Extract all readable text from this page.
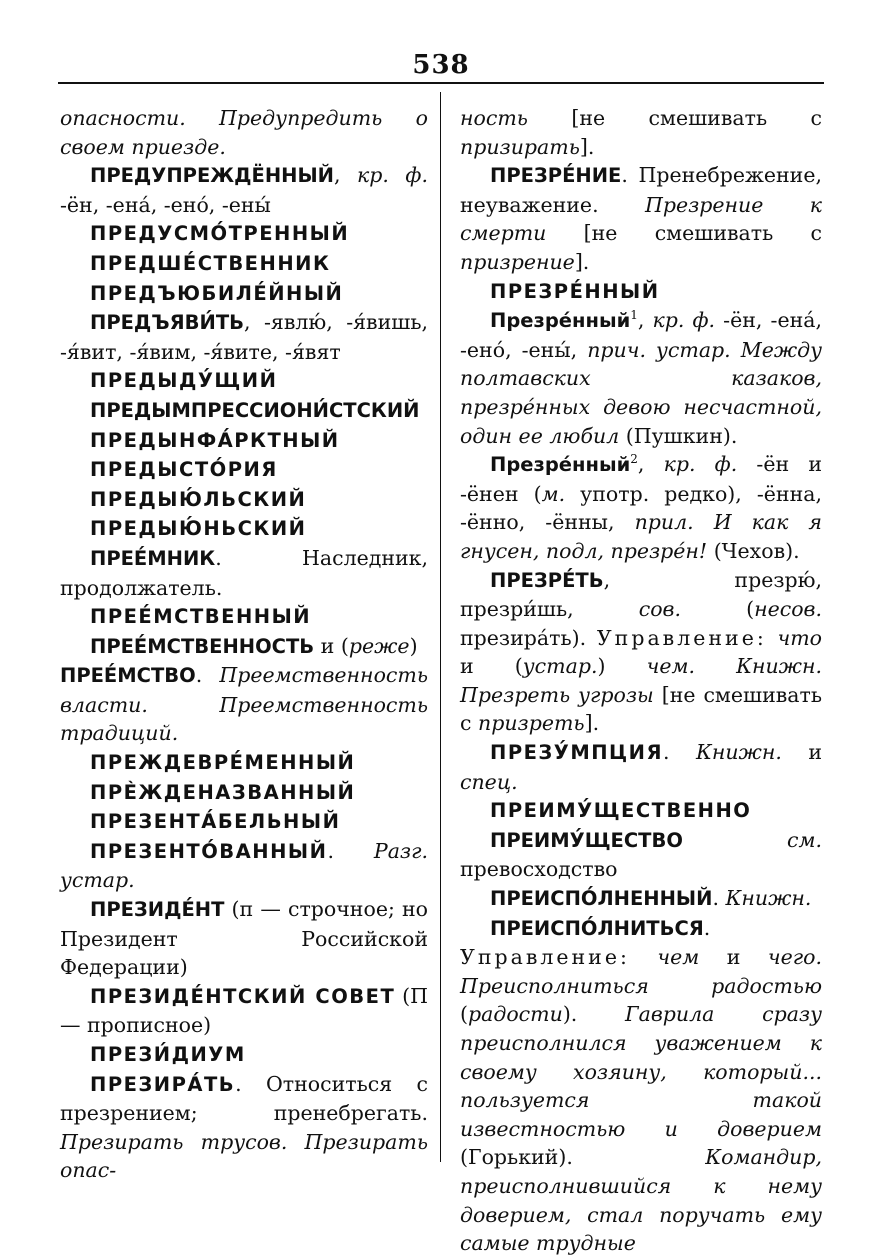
538

опасности. Предупредить о своем приезде.

ПРЕДУПРЕЖДЁННЫЙ, кр. ф. -ён, -ена́, -ено́, -ены́

ПРЕДУСМО́ТРЕННЫЙ

ПРЕДШЕ́СТВЕННИК

ПРЕДЪЮБИЛЕ́ЙНЫЙ

ПРЕДЪЯВИ́ТЬ, -явлю́, -я́вишь, -я́вит, -я́вим, -я́вите, -я́вят

ПРЕДЫДУ́ЩИЙ

ПРЕДЫМПРЕССИОНИ́СТСКИЙ

ПРЕДЫНФА́РКТНЫЙ

ПРЕДЫСТО́РИЯ

ПРЕДЫЮ́ЛЬСКИЙ

ПРЕДЫЮ́НЬСКИЙ

ПРЕЕ́МНИК. Наследник, продолжатель.

ПРЕЕ́МСТВЕННЫЙ

ПРЕЕ́МСТВЕННОСТЬ и (реже)

ПРЕЕ́МСТВО. Преемственность власти. Преемственность традиций.

ПРЕЖДЕВРЕ́МЕННЫЙ

ПРЀЖДЕНАЗВАННЫЙ

ПРЕЗЕНТА́БЕЛЬНЫЙ

ПРЕЗЕНТО́ВАННЫЙ. Разг. устар.

ПРЕЗИДЕ́НТ (п — строчное; но Президент Российской Федерации)

ПРЕЗИДЕ́НТСКИЙ СОВЕТ (П — прописное)

ПРЕЗИ́ДИУМ

ПРЕЗИРА́ТЬ. Относиться с презрением; пренебрегать. Презирать трусов. Презирать опас-

ность [не смешивать с призирать].

ПРЕЗРЕ́НИЕ. Пренебрежение, неуважение. Презрение к смерти [не смешивать с призрение].

ПРЕЗРЕ́ННЫЙ

Презре́нный$^1$, кр. ф. -ён, -ена́, -ено́, -ены́, прич. устар. Между полтавских казаков, презре́нных девою несчастной, один ее любил (Пушкин).

Презре́нный$^2$, кр. ф. -ён и -ёнен (м. употр. редко), -ённа, -ённо, -ённы, прил. И как я гнусен, подл, презре́н! (Чехов).

ПРЕЗРЕ́ТЬ, презрю́, презри́шь, сов. (несов. презира́ть). Управление: что и (устар.) чем. Книжн. Презреть угрозы [не смешивать с призреть].

ПРЕЗУ́МПЦИЯ. Книжн. и спец.

ПРЕИМУ́ЩЕСТВЕННО

ПРЕИМУ́ЩЕСТВО	см. превосходство

ПРЕИСПО́ЛНЕННЫЙ. Книжн.

ПРЕИСПО́ЛНИТЬСЯ. Управление: чем и чего. Преисполниться радостью (радости). Гаврила сразу преисполнился уважением к своему хозяину, который... пользуется такой известностью и доверием (Горький). Командир, преисполнившийся к нему доверием, стал поручать ему самые трудные
